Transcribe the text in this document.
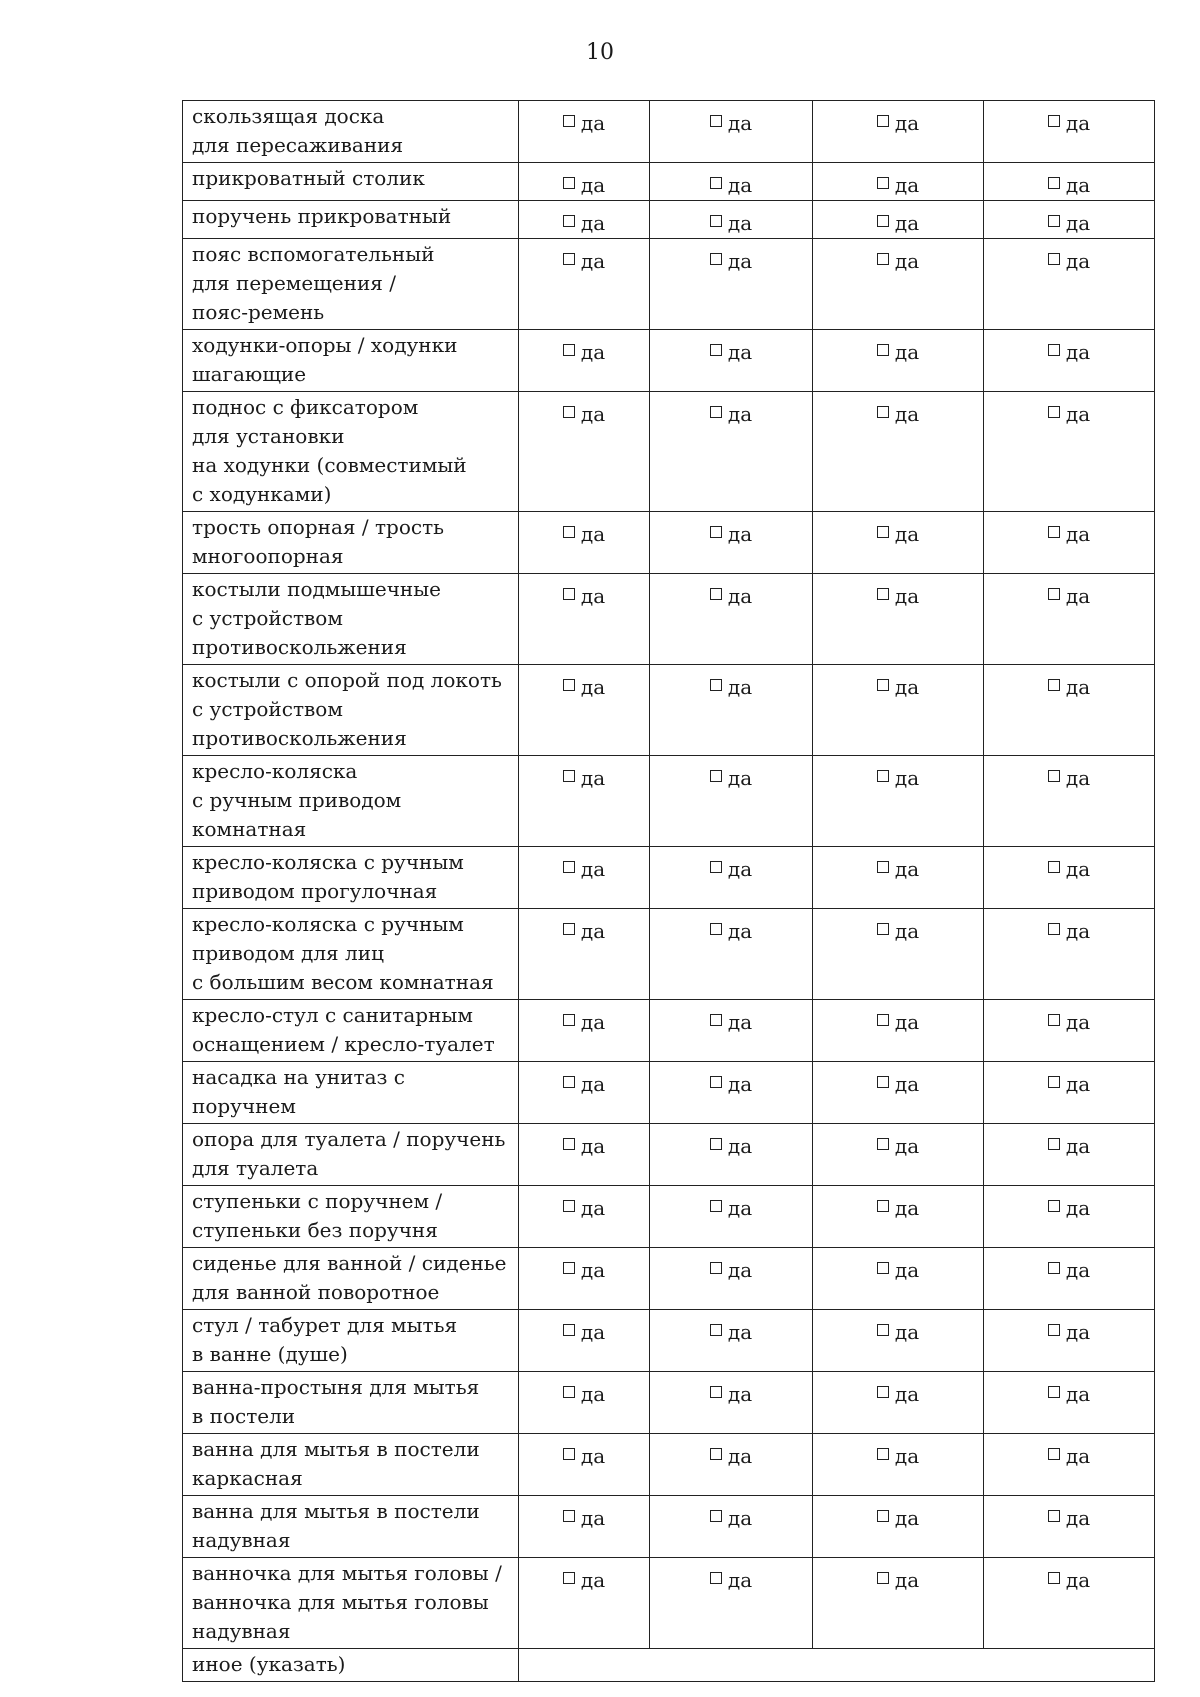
10
скользящая доска
для пересаживания	да	да	да	да

прикроватный столик	да	да	да	да

поручень прикроватный	да	да	да	да

пояс вспомогательный
для перемещения /
пояс-ремень	да	да	да	да

ходунки-опоры / ходунки
шагающие	да	да	да	да

поднос с фиксатором
для установки
на ходунки (совместимый
с ходунками)	да	да	да	да

трость опорная / трость
многоопорная	да	да	да	да

костыли подмышечные
с устройством
противоскольжения	да	да	да	да

костыли с опорой под локоть
с устройством
противоскольжения	да	да	да	да

кресло-коляска
с ручным приводом комнатная	да	да	да	да

кресло-коляска с ручным
приводом прогулочная	да	да	да	да

кресло-коляска с ручным
приводом для лиц
с большим весом комнатная	да	да	да	да

кресло-стул с санитарным
оснащением / кресло-туалет	да	да	да	да

насадка на унитаз с поручнем	да	да	да	да

опора для туалета / поручень
для туалета	да	да	да	да

ступеньки с поручнем /
ступеньки без поручня	да	да	да	да

сиденье для ванной / сиденье
для ванной поворотное	да	да	да	да

стул / табурет для мытья
в ванне (душе)	да	да	да	да

ванна-простыня для мытья
в постели	да	да	да	да

ванна для мытья в постели
каркасная	да	да	да	да

ванна для мытья в постели
надувная	да	да	да	да

ванночка для мытья головы /
ванночка для мытья головы
надувная	да	да	да	да
иное (указать)				
